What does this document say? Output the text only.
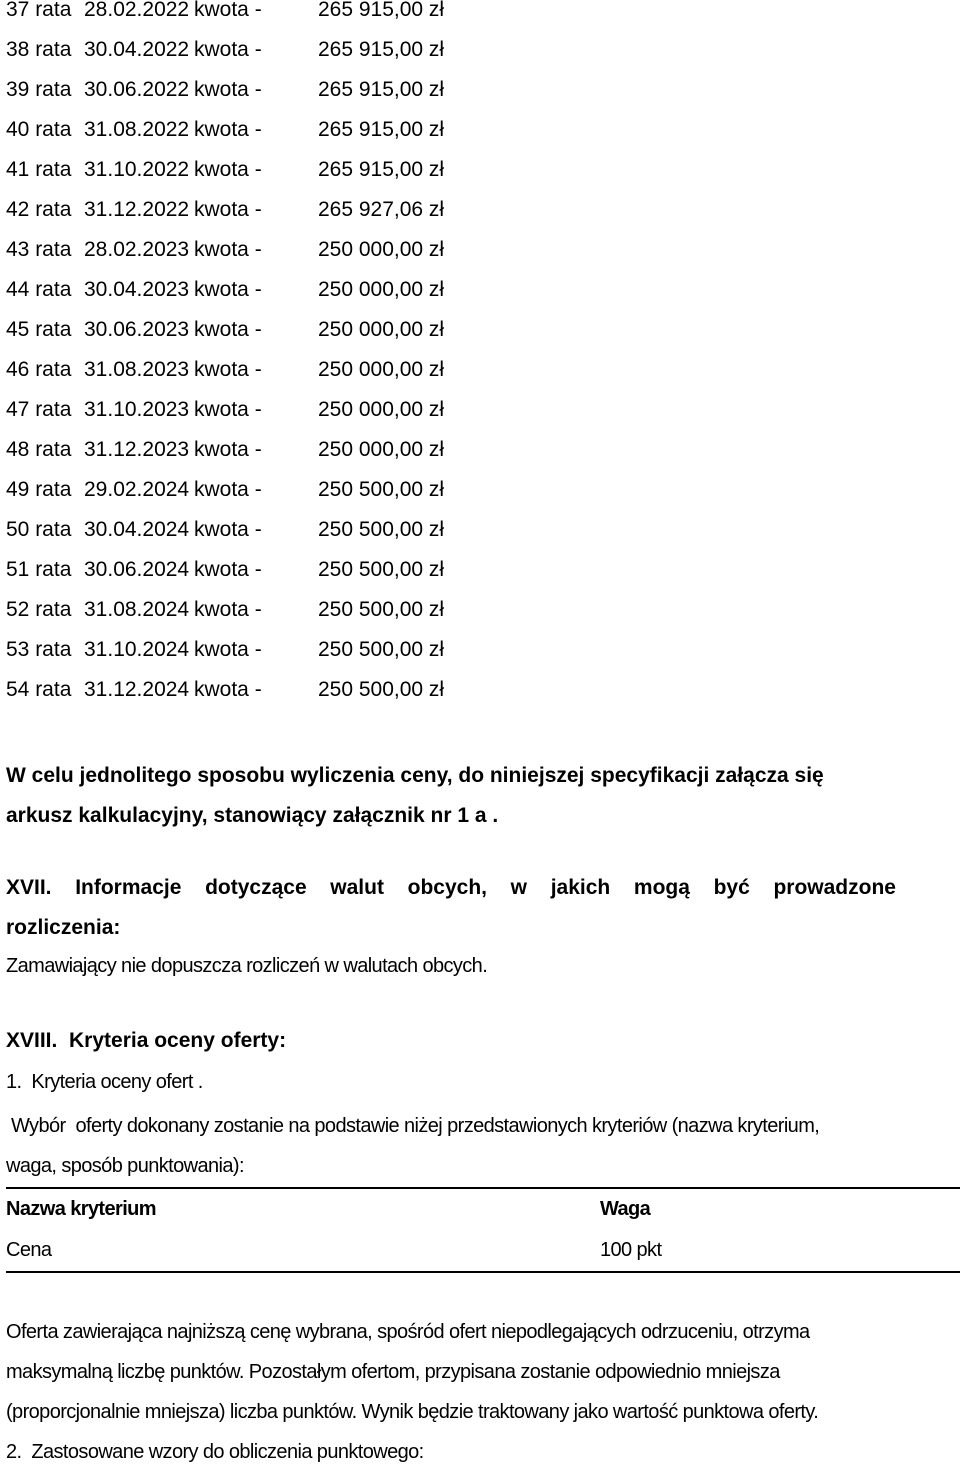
37 rata 28.02.2022 kwota -	265 915,00 zł
38 rata 30.04.2022 kwota -	265 915,00 zł
39 rata 30.06.2022 kwota -	265 915,00 zł
40 rata 31.08.2022 kwota -	265 915,00 zł
41 rata 31.10.2022 kwota -	265 915,00 zł
42 rata 31.12.2022 kwota -	265 927,06 zł
43 rata 28.02.2023 kwota -	250 000,00 zł
44 rata 30.04.2023 kwota -	250 000,00 zł
45 rata 30.06.2023 kwota -	250 000,00 zł
46 rata 31.08.2023 kwota -	250 000,00 zł
47 rata 31.10.2023 kwota -	250 000,00 zł
48 rata 31.12.2023 kwota -	250 000,00 zł
49 rata 29.02.2024 kwota -	250 500,00 zł
50 rata 30.04.2024 kwota -	250 500,00 zł
51 rata 30.06.2024 kwota -	250 500,00 zł
52 rata 31.08.2024 kwota -	250 500,00 zł
53 rata 31.10.2024 kwota -	250 500,00 zł
54 rata 31.12.2024 kwota -	250 500,00 zł
W celu jednolitego sposobu wyliczenia ceny, do niniejszej specyfikacji załącza się
arkusz kalkulacyjny, stanowiący załącznik nr 1 a .
XVII. Informacje dotyczące walut obcych, w jakich mogą być prowadzone
rozliczenia:
Zamawiający nie dopuszcza rozliczeń w walutach obcych.
XVIII.  Kryteria oceny oferty:
1.  Kryteria oceny ofert .
Wybór  oferty dokonany zostanie na podstawie niżej przedstawionych kryteriów (nazwa kryterium,
waga, sposób punktowania):
Nazwa kryterium	Waga
Cena	100 pkt
Oferta zawierająca najniższą cenę wybrana, spośród ofert niepodlegających odrzuceniu, otrzyma
maksymalną liczbę punktów. Pozostałym ofertom, przypisana zostanie odpowiednio mniejsza
(proporcjonalnie mniejsza) liczba punktów. Wynik będzie traktowany jako wartość punktowa oferty.
2.  Zastosowane wzory do obliczenia punktowego:
